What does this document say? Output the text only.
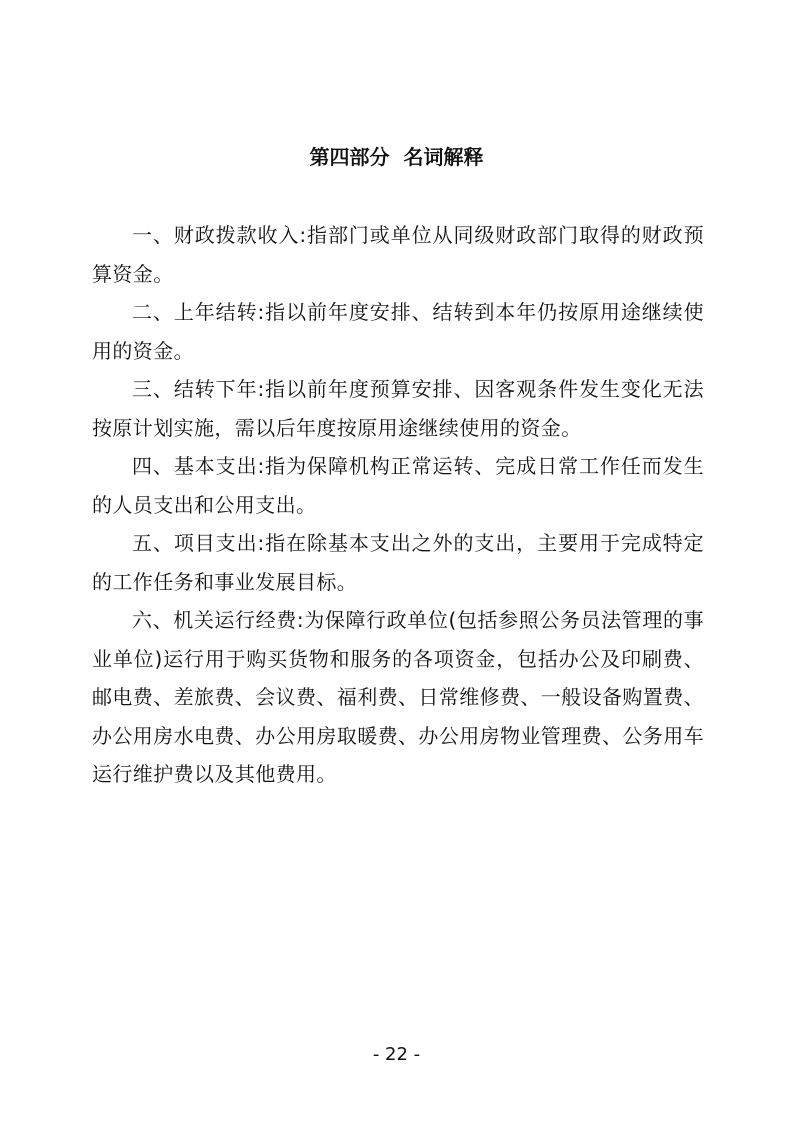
第四部分  名词解释

一、财政拨款收入:指部门或单位从同级财政部门取得的财政预算资金。

二、上年结转:指以前年度安排、结转到本年仍按原用途继续使用的资金。

三、结转下年:指以前年度预算安排、因客观条件发生变化无法按原计划实施，需以后年度按原用途继续使用的资金。

四、基本支出:指为保障机构正常运转、完成日常工作任而发生的人员支出和公用支出。

五、项目支出:指在除基本支出之外的支出，主要用于完成特定的工作任务和事业发展目标。

六、机关运行经费:为保障行政单位(包括参照公务员法管理的事业单位)运行用于购买货物和服务的各项资金，包括办公及印刷费、邮电费、差旅费、会议费、福利费、日常维修费、一般设备购置费、办公用房水电费、办公用房取暖费、办公用房物业管理费、公务用车运行维护费以及其他费用。

- 22 -
